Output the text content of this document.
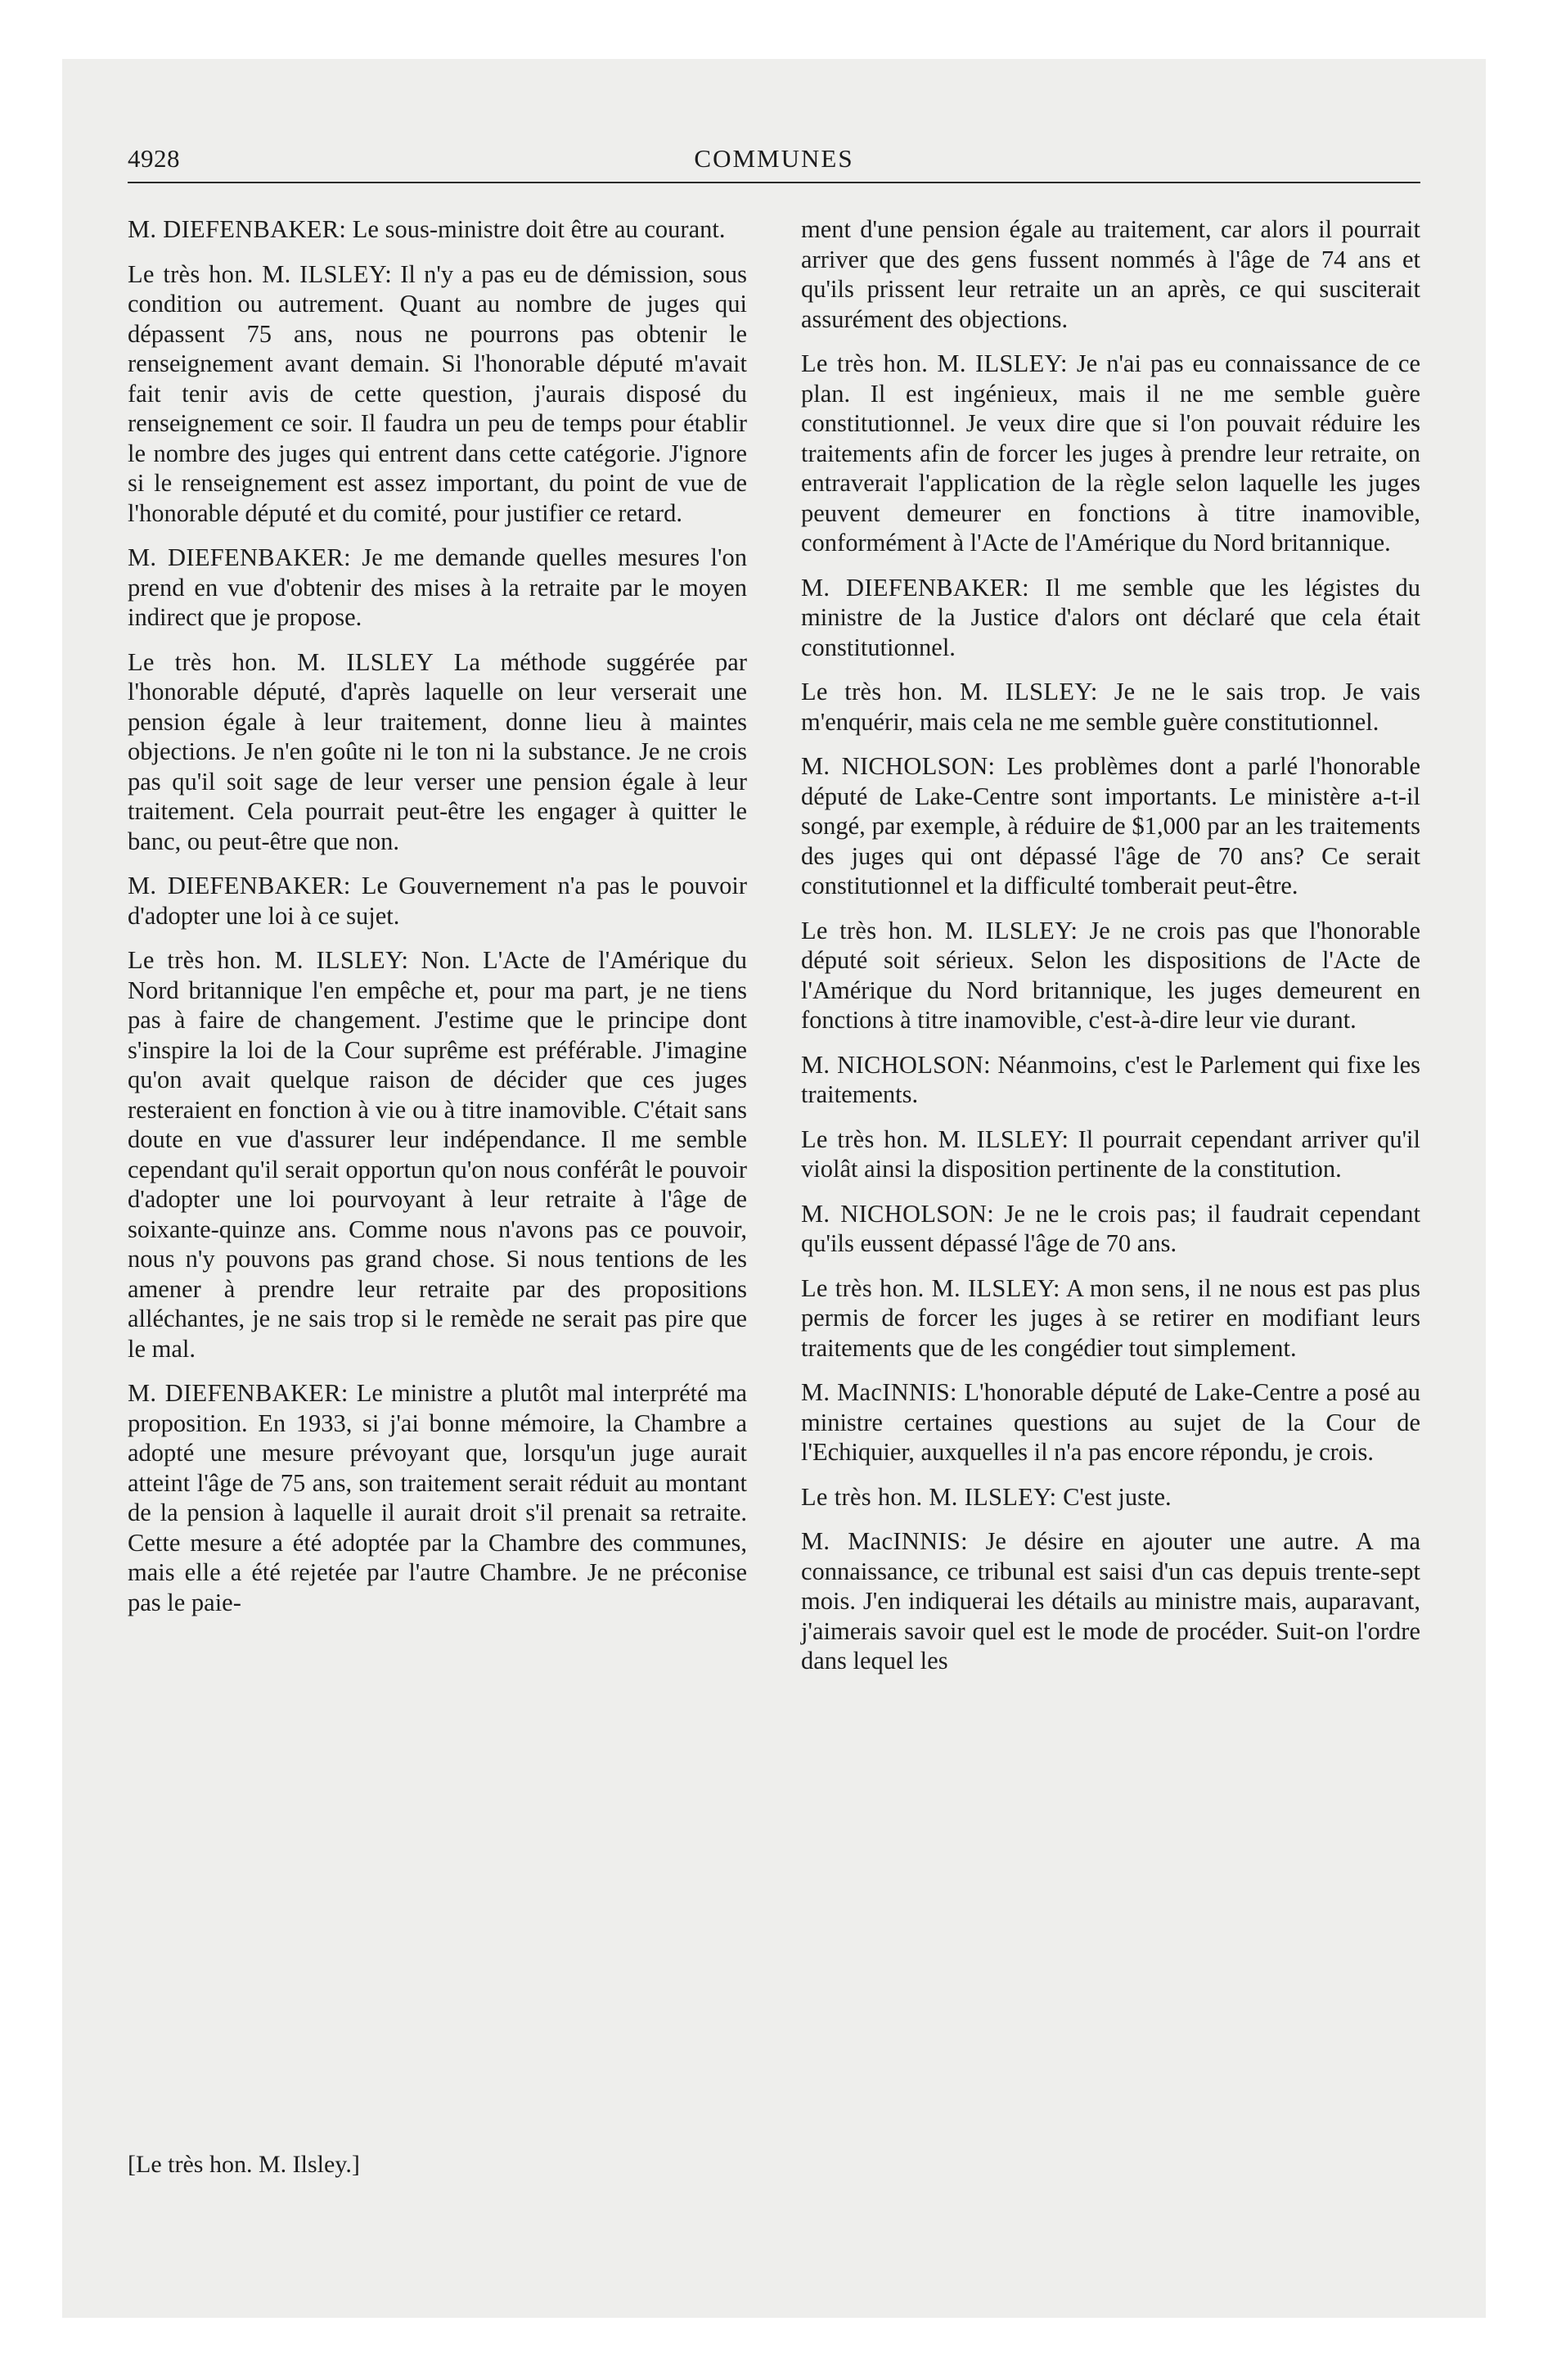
4928	COMMUNES

M. DIEFENBAKER: Le sous-ministre doit être au courant.

Le très hon. M. ILSLEY: Il n'y a pas eu de démission, sous condition ou autrement. Quant au nombre de juges qui dépassent 75 ans, nous ne pourrons pas obtenir le renseignement avant demain. Si l'honorable député m'avait fait tenir avis de cette question, j'aurais disposé du renseignement ce soir. Il faudra un peu de temps pour établir le nombre des juges qui entrent dans cette catégorie. J'ignore si le renseignement est assez important, du point de vue de l'honorable député et du comité, pour justifier ce retard.

M. DIEFENBAKER: Je me demande quelles mesures l'on prend en vue d'obtenir des mises à la retraite par le moyen indirect que je propose.

Le très hon. M. ILSLEY La méthode suggérée par l'honorable député, d'après laquelle on leur verserait une pension égale à leur traitement, donne lieu à maintes objections. Je n'en goûte ni le ton ni la substance. Je ne crois pas qu'il soit sage de leur verser une pension égale à leur traitement. Cela pourrait peut-être les engager à quitter le banc, ou peut-être que non.

M. DIEFENBAKER: Le Gouvernement n'a pas le pouvoir d'adopter une loi à ce sujet.

Le très hon. M. ILSLEY: Non. L'Acte de l'Amérique du Nord britannique l'en empêche et, pour ma part, je ne tiens pas à faire de changement. J'estime que le principe dont s'inspire la loi de la Cour suprême est préférable. J'imagine qu'on avait quelque raison de décider que ces juges resteraient en fonction à vie ou à titre inamovible. C'était sans doute en vue d'assurer leur indépendance. Il me semble cependant qu'il serait opportun qu'on nous conférât le pouvoir d'adopter une loi pourvoyant à leur retraite à l'âge de soixante-quinze ans. Comme nous n'avons pas ce pouvoir, nous n'y pouvons pas grand chose. Si nous tentions de les amener à prendre leur retraite par des propositions alléchantes, je ne sais trop si le remède ne serait pas pire que le mal.

M. DIEFENBAKER: Le ministre a plutôt mal interprété ma proposition. En 1933, si j'ai bonne mémoire, la Chambre a adopté une mesure prévoyant que, lorsqu'un juge aurait atteint l'âge de 75 ans, son traitement serait réduit au montant de la pension à laquelle il aurait droit s'il prenait sa retraite. Cette mesure a été adoptée par la Chambre des communes, mais elle a été rejetée par l'autre Chambre. Je ne préconise pas le paie-

ment d'une pension égale au traitement, car alors il pourrait arriver que des gens fussent nommés à l'âge de 74 ans et qu'ils prissent leur retraite un an après, ce qui susciterait assurément des objections.

Le très hon. M. ILSLEY: Je n'ai pas eu connaissance de ce plan. Il est ingénieux, mais il ne me semble guère constitutionnel. Je veux dire que si l'on pouvait réduire les traitements afin de forcer les juges à prendre leur retraite, on entraverait l'application de la règle selon laquelle les juges peuvent demeurer en fonctions à titre inamovible, conformément à l'Acte de l'Amérique du Nord britannique.

M. DIEFENBAKER: Il me semble que les légistes du ministre de la Justice d'alors ont déclaré que cela était constitutionnel.

Le très hon. M. ILSLEY: Je ne le sais trop. Je vais m'enquérir, mais cela ne me semble guère constitutionnel.

M. NICHOLSON: Les problèmes dont a parlé l'honorable député de Lake-Centre sont importants. Le ministère a-t-il songé, par exemple, à réduire de $1,000 par an les traitements des juges qui ont dépassé l'âge de 70 ans? Ce serait constitutionnel et la difficulté tomberait peut-être.

Le très hon. M. ILSLEY: Je ne crois pas que l'honorable député soit sérieux. Selon les dispositions de l'Acte de l'Amérique du Nord britannique, les juges demeurent en fonctions à titre inamovible, c'est-à-dire leur vie durant.

M. NICHOLSON: Néanmoins, c'est le Parlement qui fixe les traitements.

Le très hon. M. ILSLEY: Il pourrait cependant arriver qu'il violât ainsi la disposition pertinente de la constitution.

M. NICHOLSON: Je ne le crois pas; il faudrait cependant qu'ils eussent dépassé l'âge de 70 ans.

Le très hon. M. ILSLEY: A mon sens, il ne nous est pas plus permis de forcer les juges à se retirer en modifiant leurs traitements que de les congédier tout simplement.

M. MacINNIS: L'honorable député de Lake-Centre a posé au ministre certaines questions au sujet de la Cour de l'Echiquier, auxquelles il n'a pas encore répondu, je crois.

Le très hon. M. ILSLEY: C'est juste.

M. MacINNIS: Je désire en ajouter une autre. A ma connaissance, ce tribunal est saisi d'un cas depuis trente-sept mois. J'en indiquerai les détails au ministre mais, auparavant, j'aimerais savoir quel est le mode de procéder. Suit-on l'ordre dans lequel les

[Le très hon. M. Ilsley.]
